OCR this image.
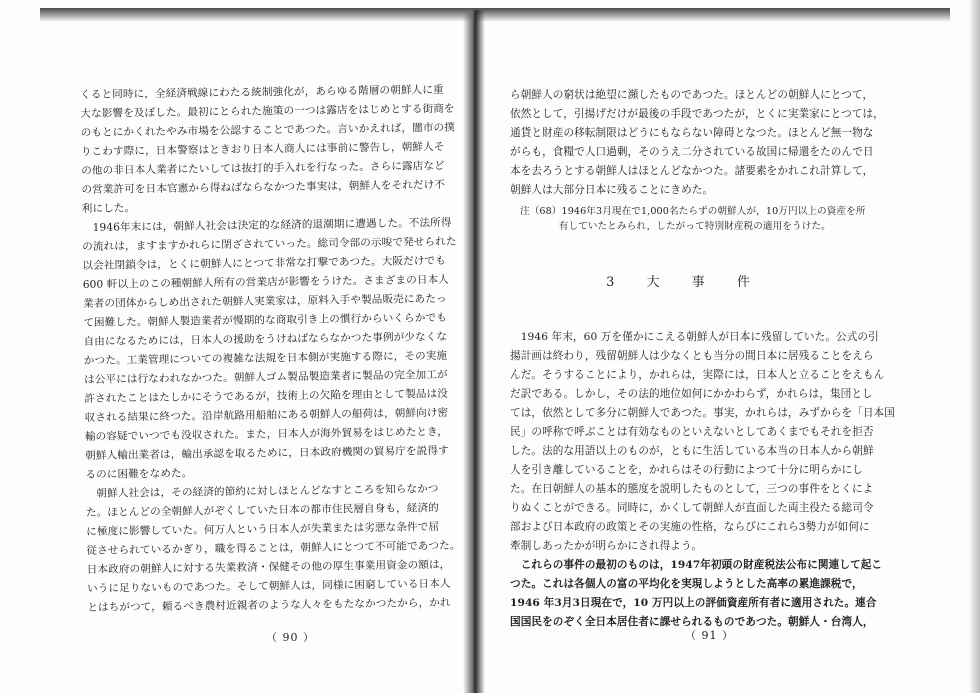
くると同時に，全経済戦線にわたる統制強化が，あらゆる階層の朝鮮人に重
大な影響を及ぼした。最初にとられた施策の一つは露店をはじめとする街商を
のもとにかくれたやみ市場を公認することであつた。言いかえれば，闇市の撲
りこわす際に，日本警察はときおり日本人商人には事前に警告し，朝鮮人そ
の他の非日本人業者にたいしては抜打的手入れを行なった。さらに露店など
の営業許可を日本官憲から得ねばならなかつた事実は，朝鮮人をそれだけ不
利にした。
　1946年末には，朝鮮人社会は決定的な経済的退潮期に遭遇した。不法所得
の流れは，ますますかれらに閉ざされていった。総司令部の示唆で発せられた
以会社閉鎖令は，とくに朝鮮人にとつて非常な打撃であつた。大阪だけでも
600 軒以上のこの種朝鮮人所有の営業店が影響をうけた。さまざまの日本人
業者の団体からしめ出された朝鮮人実業家は，原料入手や製品販売にあたっ
て困難した。朝鮮人製造業者が慢期的な商取引き上の慣行からいくらかでも
自由になるためには，日本人の援助をうけねばならなかつた事例が少なくな
かつた。工業管理についての複雑な法規を日本側が実施する際に，その実施
は公平には行なわれなかつた。朝鮮人ゴム製品製造業者に製品の完全加工が
許されたことはたしかにそうであるが，技術上の欠陥を理由として製品は没
収される結果に終つた。沿岸航路用船舶にある朝鮮人の船荷は，朝鮮向け密
輸の容疑でいつでも没収された。また，日本人が海外貿易をはじめたとき，
朝鮮人輸出業者は，輸出承認を取るために，日本政府機関の貿易庁を説得す
るのに困難をなめた。
　朝鮮人社会は，その経済的節約に対しほとんどなすところを知らなかつ
た。ほとんどの全朝鮮人がぞくしていた日本の都市住民層自身も，経済的
に極度に影響していた。何万人という日本人が失業または劣悪な条件で屈
従させられているかぎり，職を得ることは，朝鮮人にとつて不可能であつた。
日本政府の朝鮮人に対する失業救済・保健その他の厚生事業用資金の額は，
いうに足りないものであつた。そして朝鮮人は，同様に困窮している日本人
とはちがつて，頼るべき農村近親者のような人々をもたなかつたから，かれ
ら朝鮮人の窮状は絶望に瀕したものであつた。ほとんどの朝鮮人にとつて，
依然として，引揚げだけが最後の手段であつたが，とくに実業家にとつては，
通貨と財産の移転制限はどうにもならない障碍となつた。ほとんど無一物な
がらも，食糧で人口過剰，そのうえ二分されている故国に帰還をたのんで日
本を去ろうとする朝鮮人はほとんどなかつた。諸要素をかれこれ計算して，
朝鮮人は大部分日本に残ることにきめた。
注（68）1946年3月現在で1,000名たらずの朝鮮人が，10万円以上の資産を所
　　　　有していたとみられ，したがって特別財産税の適用をうけた。
3 大 事 件
　1946 年末，60 万を僅かにこえる朝鮮人が日本に残留していた。公式の引
揚計画は終わり，残留朝鮮人は少なくとも当分の間日本に居残ることをえら
んだ。そうすることにより，かれらは，実際には，日本人と立ることをえもん
だ訳である。しかし，その法的地位如何にかかわらず，かれらは，集団とし
ては，依然として多分に朝鮮人であつた。事実，かれらは，みずからを「日本国
民」の呼称で呼ぶことは有効なものといえないとしてあくまでもそれを拒否
した。法的な用語以上のものが，ともに生活している本当の日本人から朝鮮
人を引き離していることを，かれらはその行動によつて十分に明らかにし
た。在日朝鮮人の基本的態度を説明したものとして，三つの事件をとくによ
りぬくことができる。同時に，かくして朝鮮人が直面した両主役たる総司令
部および日本政府の政策とその実施の性格，ならびにこれら3勢力が如何に
牽制しあったかが明らかにされ得よう。
　これらの事件の最初のものは，1947年初頭の財産税法公布に関連して起こ
つた。これは各個人の富の平均化を実現しようとした高率の累進課税で，
1946 年3月3日現在で，10 万円以上の評価資産所有者に適用された。連合
国国民をのぞく全日本居住者に課せられるものであつた。朝鮮人・台湾人，
（ 90 ）	（ 91 ）
